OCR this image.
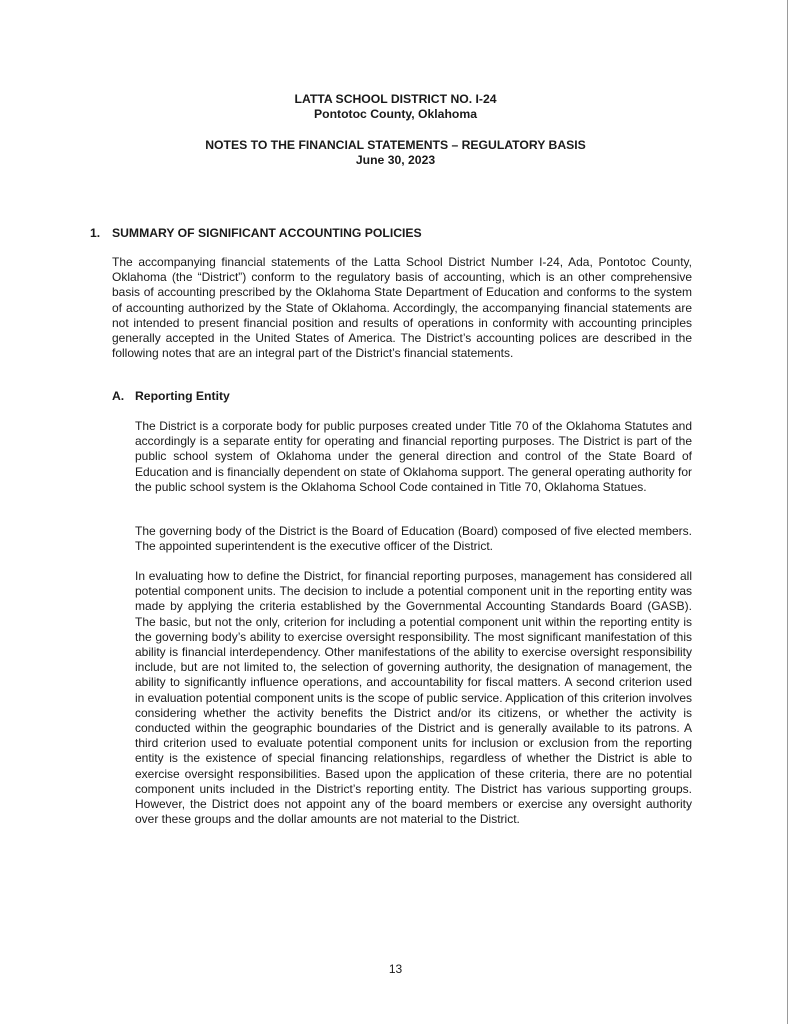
LATTA SCHOOL DISTRICT NO. I-24
Pontotoc County, Oklahoma
NOTES TO THE FINANCIAL STATEMENTS – REGULATORY BASIS
June 30, 2023
1. SUMMARY OF SIGNIFICANT ACCOUNTING POLICIES
The accompanying financial statements of the Latta School District Number I-24, Ada, Pontotoc County, Oklahoma (the “District”) conform to the regulatory basis of accounting, which is an other comprehensive basis of accounting prescribed by the Oklahoma State Department of Education and conforms to the system of accounting authorized by the State of Oklahoma. Accordingly, the accompanying financial statements are not intended to present financial position and results of operations in conformity with accounting principles generally accepted in the United States of America. The District’s accounting polices are described in the following notes that are an integral part of the District’s financial statements.
A. Reporting Entity
The District is a corporate body for public purposes created under Title 70 of the Oklahoma Statutes and accordingly is a separate entity for operating and financial reporting purposes. The District is part of the public school system of Oklahoma under the general direction and control of the State Board of Education and is financially dependent on state of Oklahoma support. The general operating authority for the public school system is the Oklahoma School Code contained in Title 70, Oklahoma Statues.
The governing body of the District is the Board of Education (Board) composed of five elected members. The appointed superintendent is the executive officer of the District.
In evaluating how to define the District, for financial reporting purposes, management has considered all potential component units. The decision to include a potential component unit in the reporting entity was made by applying the criteria established by the Governmental Accounting Standards Board (GASB). The basic, but not the only, criterion for including a potential component unit within the reporting entity is the governing body’s ability to exercise oversight responsibility. The most significant manifestation of this ability is financial interdependency. Other manifestations of the ability to exercise oversight responsibility include, but are not limited to, the selection of governing authority, the designation of management, the ability to significantly influence operations, and accountability for fiscal matters. A second criterion used in evaluation potential component units is the scope of public service. Application of this criterion involves considering whether the activity benefits the District and/or its citizens, or whether the activity is conducted within the geographic boundaries of the District and is generally available to its patrons. A third criterion used to evaluate potential component units for inclusion or exclusion from the reporting entity is the existence of special financing relationships, regardless of whether the District is able to exercise oversight responsibilities. Based upon the application of these criteria, there are no potential component units included in the District’s reporting entity. The District has various supporting groups. However, the District does not appoint any of the board members or exercise any oversight authority over these groups and the dollar amounts are not material to the District.
13
